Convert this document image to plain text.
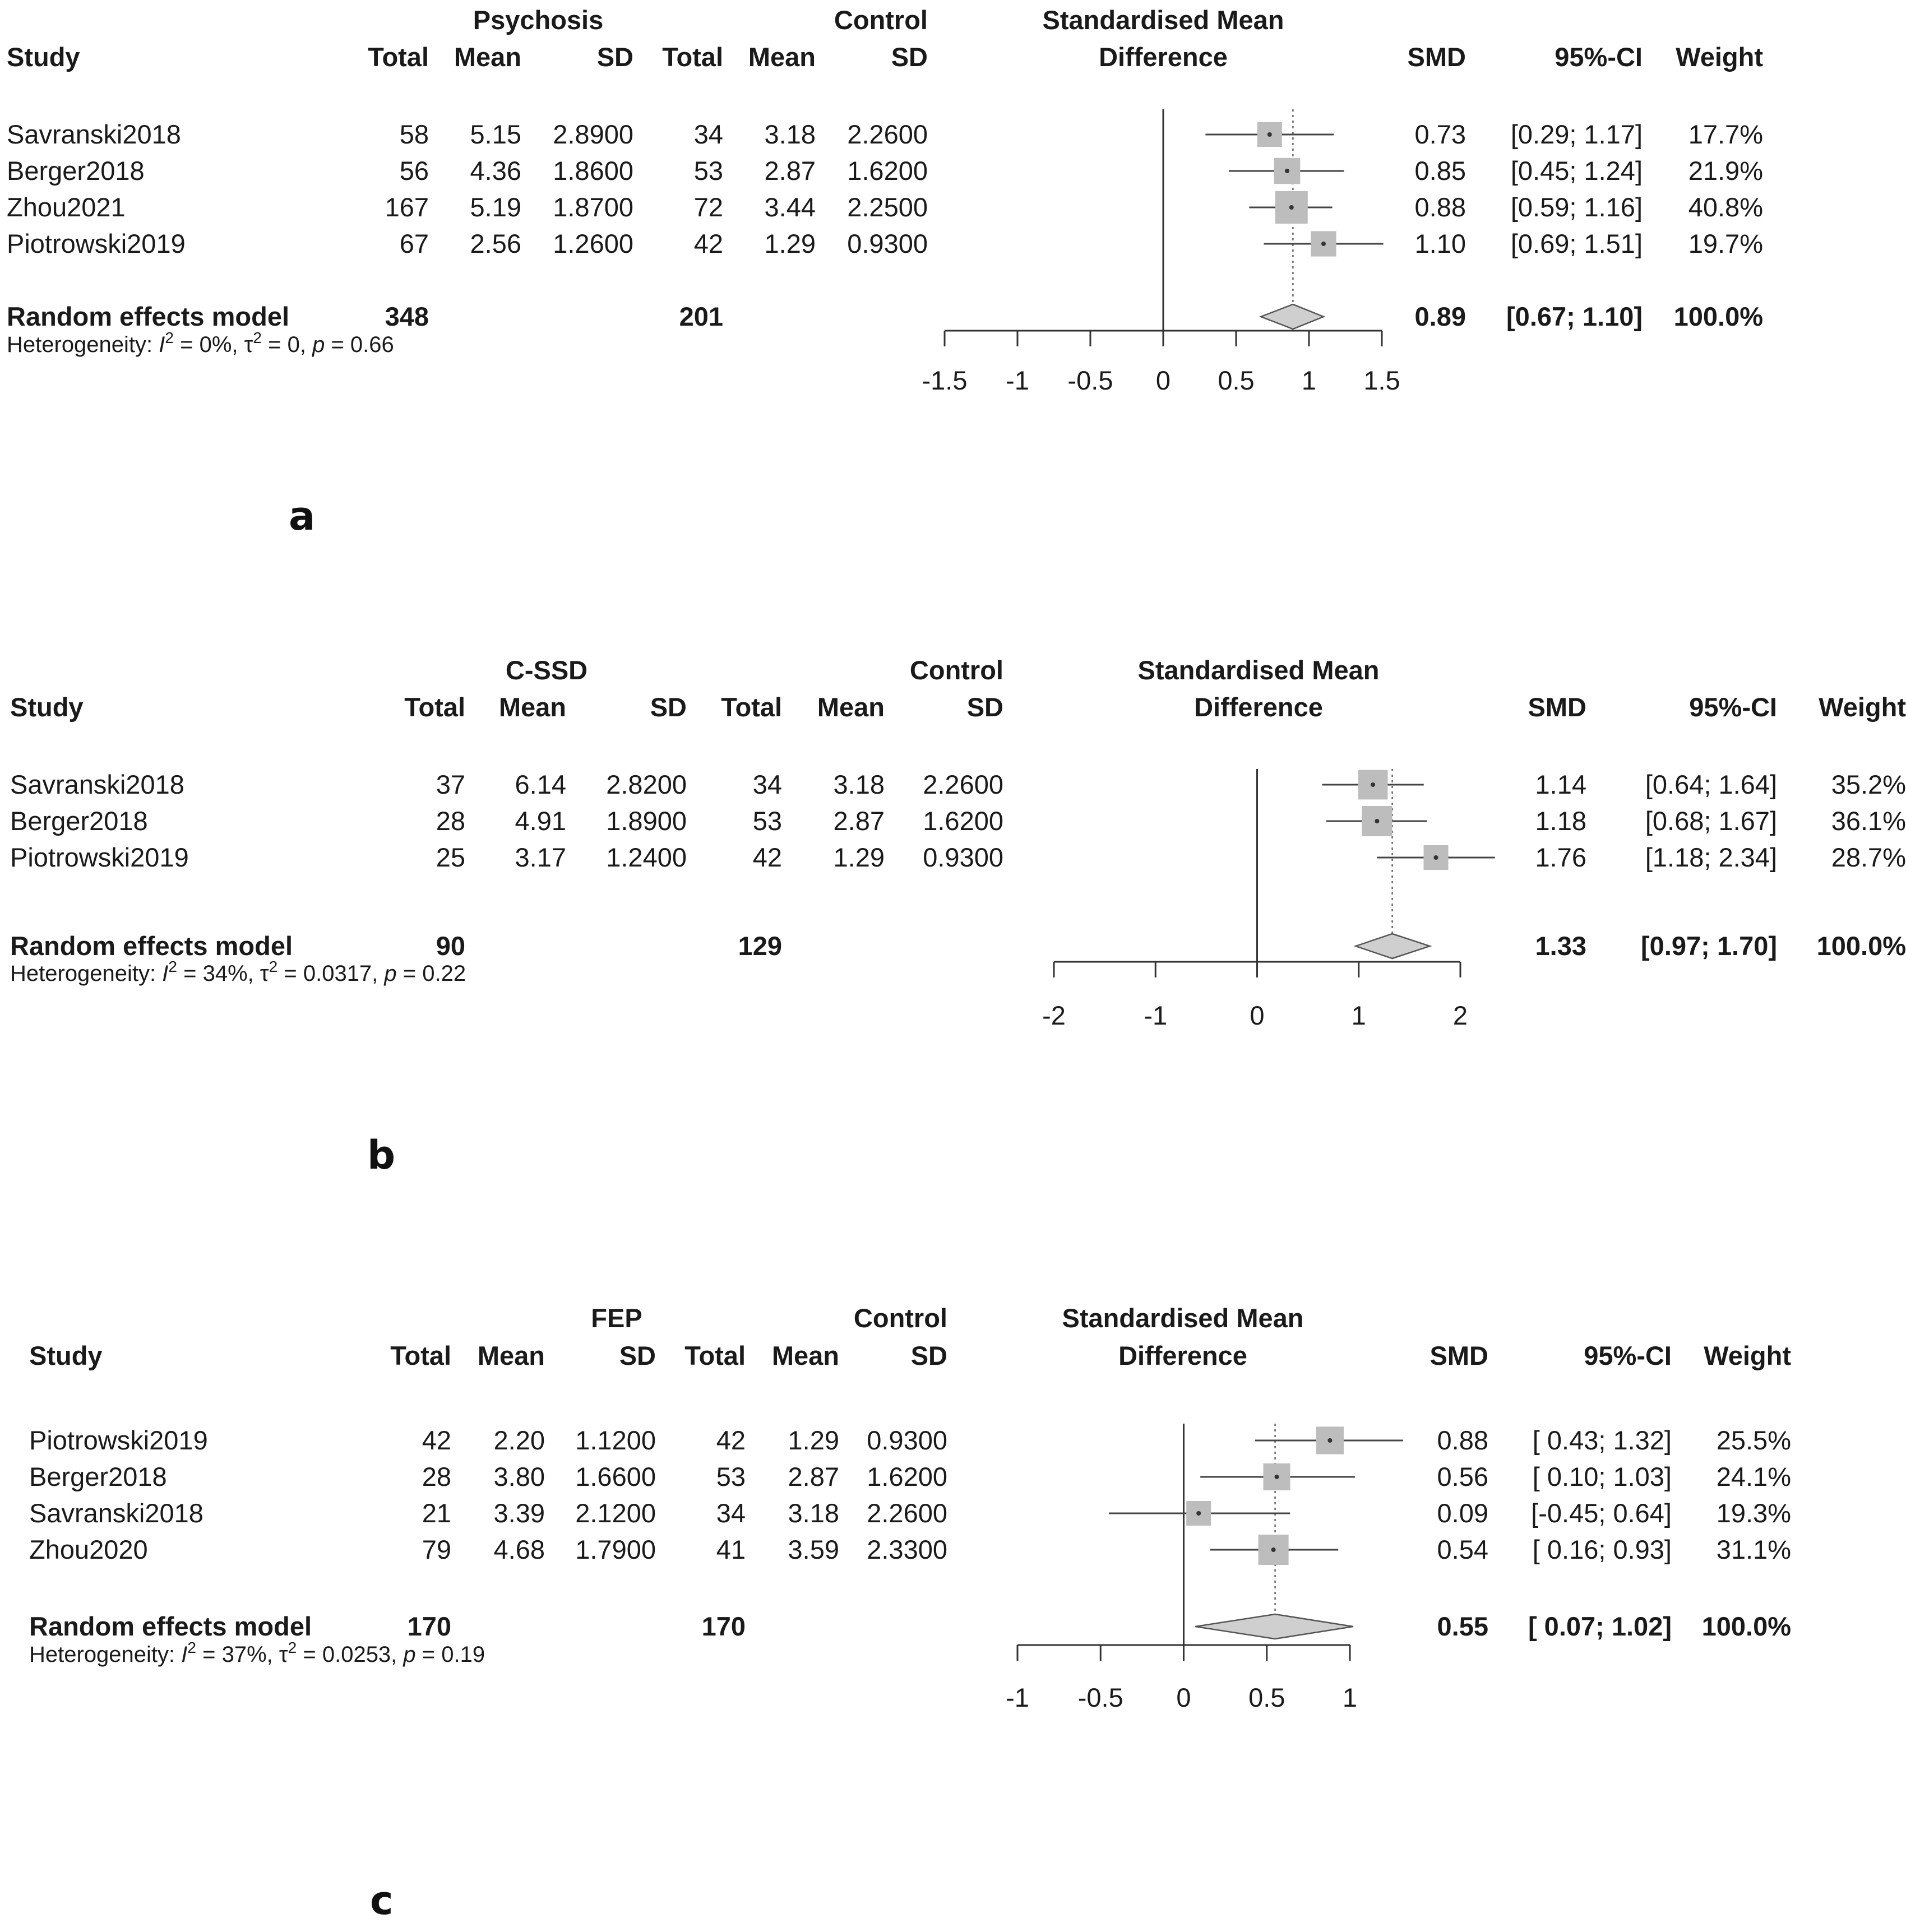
Psychosis	Control	Standardised Mean
Study	Total Mean	SD Total Mean	SD	Difference	SMD	95%-CI Weight
Savranski2018	58 5.15 2.8900 34 3.18 2.2600	0.73 [0.29; 1.17] 17.7%
Berger2018	56 4.36 1.8600 53 2.87 1.6200	0.85 [0.45; 1.24] 21.9%
Zhou2021	167 5.19 1.8700 72 3.44 2.2500	0.88 [0.59; 1.16] 40.8%
Piotrowski2019	67 2.56 1.2600 42 1.29 0.9300	1.10 [0.69; 1.51] 19.7%
Random effects model	348	201	0.89 [0.67; 1.10] 100.0%
Heterogeneity: $I^2 = 0\%$, $\tau^2 = 0$, p = 0.66
-1.5 -1 -0.5 0 0.5 1 1.5
a
C-SSD	Control	Standardised Mean
Study	Total Mean	SD Total Mean	SD	Difference	SMD	95%-CI Weight
Savranski2018	37 6.14 2.8200	34 3.18 2.2600	1.14 [0.64; 1.64] 35.2%
Berger2018	28 4.91 1.8900	53 2.87 1.6200	1.18 [0.68; 1.67] 36.1%
Piotrowski2019	25 3.17 1.2400	42 1.29 0.9300	1.76 [1.18; 2.34] 28.7%
Random effects model	90	129	1.33 [0.97; 1.70] 100.0%
Heterogeneity: $I^2 = 34\%$, $\tau^2 = 0.0317$, p = 0.22
-2	-1	0	1	2
b
FEP	Control	Standardised Mean
Study	Total Mean	SD Total Mean	SD	Difference	SMD	95%-CI Weight
Piotrowski2019	42 2.20 1.1200 42 1.29 0.9300	0.88 [ 0.43; 1.32] 25.5%
Berger2018	28 3.80 1.6600 53 2.87 1.6200	0.56 [ 0.10; 1.03] 24.1%
Savranski2018	21 3.39 2.1200 34 3.18 2.2600	0.09 [-0.45; 0.64] 19.3%
Zhou2020	79 4.68 1.7900 41 3.59 2.3300	0.54 [ 0.16; 0.93] 31.1%
Random effects model	170	170	0.55 [ 0.07; 1.02] 100.0%
Heterogeneity: $I^2 = 37\%$, $\tau^2 = 0.0253$, p = 0.19
-1 -0.5 0 0.5 1
c
